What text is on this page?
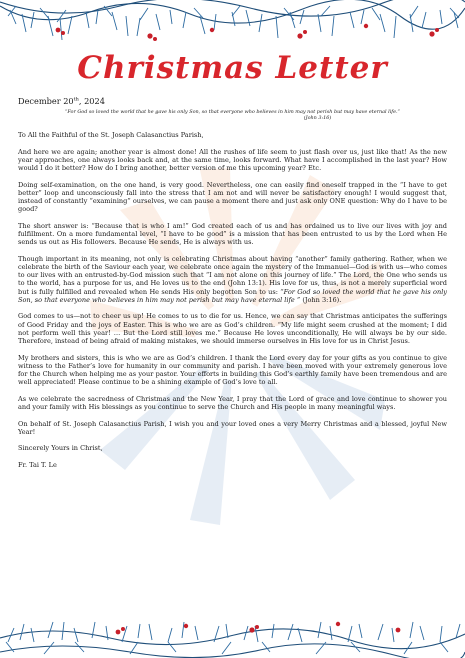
Christmas Letter
December 20th, 2024
“For God so loved the world that he gave his only Son, so that everyone who believes in him may not perish but may have eternal life.”
(John 3:16)

To All the Faithful of the St. Joseph Calasanctius Parish,

And here we are again; another year is almost done! All the rushes of life seem to just flash over us, just like that! As the new year approaches, one always looks back and, at the same time, looks forward. What have I accomplished in the last year? How would I do it better? How do I bring another, better version of me this upcoming year? Etc.

Doing self-examination, on the one hand, is very good. Nevertheless, one can easily find oneself trapped in the “I have to get better” loop and unconsciously fall into the stress that I am not and will never be satisfactory enough! I would suggest that, instead of constantly “examining” ourselves, we can pause a moment there and just ask only ONE question: Why do I have to be good?

The short answer is: “Because that is who I am!” God created each of us and has ordained us to live our lives with joy and fulfillment. On a more fundamental level, “I have to be good” is a mission that has been entrusted to us by the Lord when He sends us out as His followers. Because He sends, He is always with us.

Though important in its meaning, not only is celebrating Christmas about having “another” family gathering. Rather, when we celebrate the birth of the Saviour each year, we celebrate once again the mystery of the Immanuel—God is with us—who comes to our lives with an entrusted-by-God mission such that “I am not alone on this journey of life.” The Lord, the One who sends us to the world, has a purpose for us, and He loves us to the end (John 13:1). His love for us, thus, is not a merely superficial word but is fully fulfilled and revealed when He sends His only begotten Son to us: “For God so loved the world that he gave his only Son, so that everyone who believes in him may not perish but may have eternal life ” (John 3:16).

God comes to us—not to cheer us up! He comes to us to die for us. Hence, we can say that Christmas anticipates the sufferings of Good Friday and the joys of Easter. This is who we are as God’s children. “My life might seem crushed at the moment; I did not perform well this year! … But the Lord still loves me.” Because He loves unconditionally, He will always be by our side. Therefore, instead of being afraid of making mistakes, we should immerse ourselves in His love for us in Christ Jesus.

My brothers and sisters, this is who we are as God’s children. I thank the Lord every day for your gifts as you continue to give witness to the Father’s love for humanity in our community and parish. I have been moved with your extremely generous love for the Church when helping me as your pastor. Your efforts in building this God’s earthly family have been tremendous and are well appreciated! Please continue to be a shining example of God’s love to all.

As we celebrate the sacredness of Christmas and the New Year, I pray that the Lord of grace and love continue to shower you and your family with His blessings as you continue to serve the Church and His people in many meaningful ways.

On behalf of St. Joseph Calasanctius Parish, I wish you and your loved ones a very Merry Christmas and a blessed, joyful New Year!

Sincerely Yours in Christ,

Fr. Tai T. Le
